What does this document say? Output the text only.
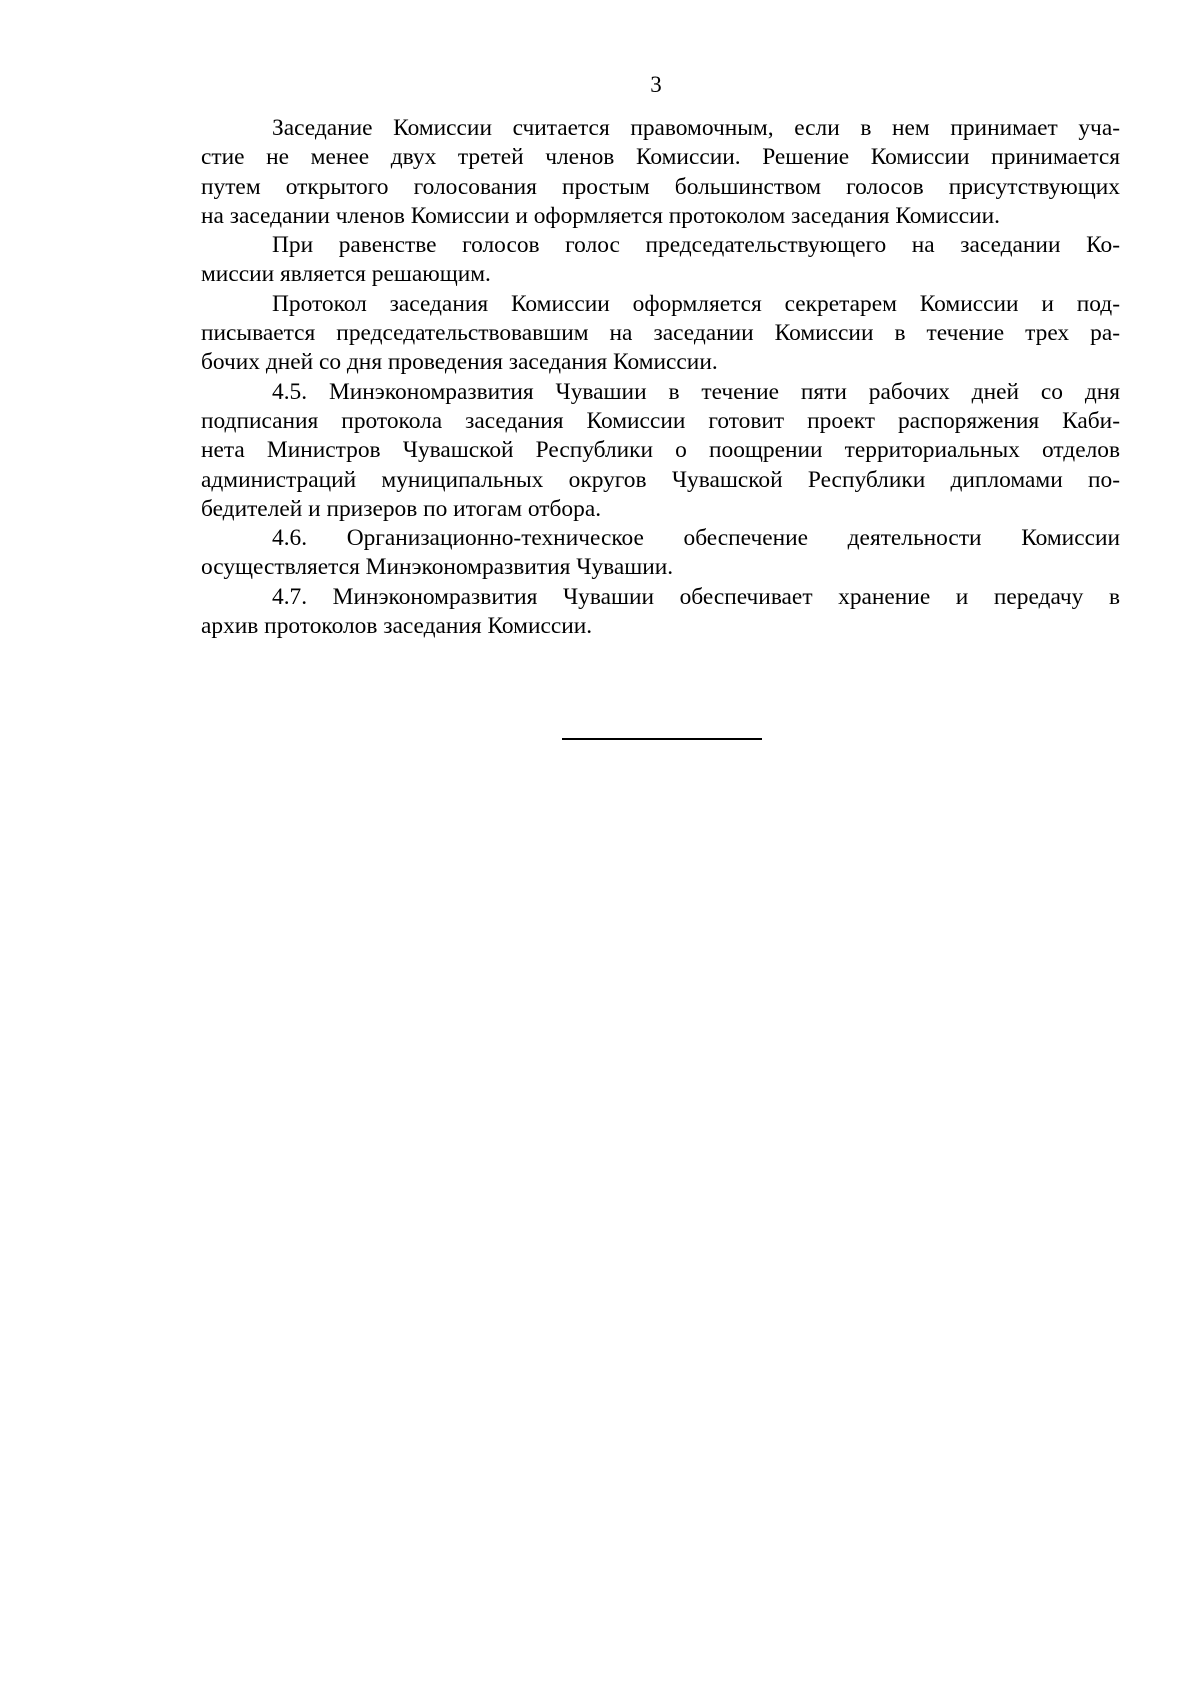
3

Заседание Комиссии считается правомочным, если в нем принимает уча-
стие не менее двух третей членов Комиссии. Решение Комиссии принимается
путем открытого голосования простым большинством голосов присутствующих
на заседании членов Комиссии и оформляется протоколом заседания Комиссии.

При равенстве голосов голос председательствующего на заседании Ко-
миссии является решающим.

Протокол заседания Комиссии оформляется секретарем Комиссии и под-
писывается председательствовавшим на заседании Комиссии в течение трех ра-
бочих дней со дня проведения заседания Комиссии.

4.5. Минэкономразвития Чувашии в течение пяти рабочих дней со дня
подписания протокола заседания Комиссии готовит проект распоряжения Каби-
нета Министров Чувашской Республики о поощрении территориальных отделов
администраций муниципальных округов Чувашской Республики дипломами по-
бедителей и призеров по итогам отбора.

4.6. Организационно-техническое обеспечение деятельности Комиссии
осуществляется Минэкономразвития Чувашии.

4.7. Минэкономразвития Чувашии обеспечивает хранение и передачу в
архив протоколов заседания Комиссии.
